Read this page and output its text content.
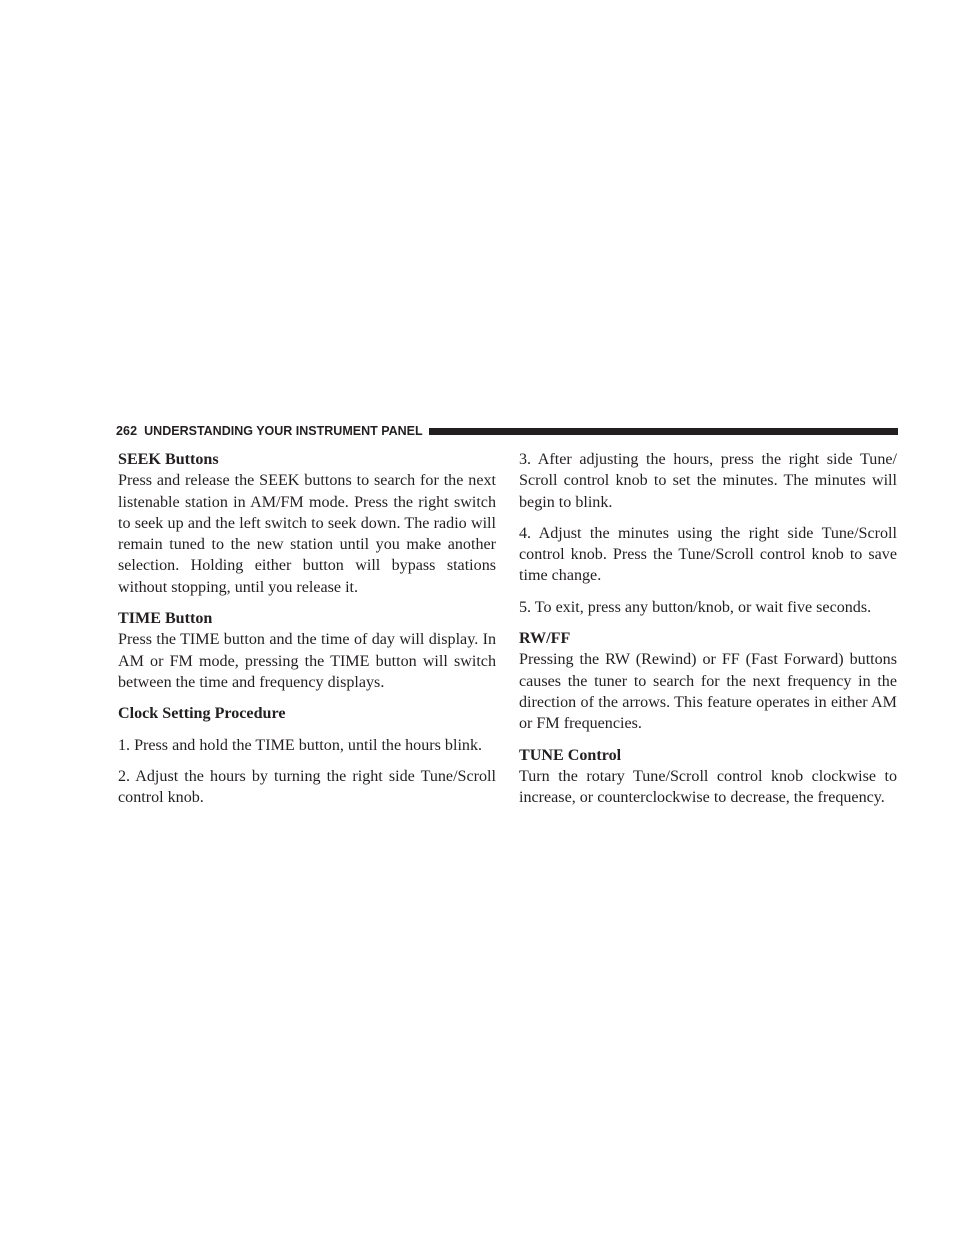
262 UNDERSTANDING YOUR INSTRUMENT PANEL

SEEK Buttons

Press and release the SEEK buttons to search for the next listenable station in AM/FM mode. Press the right switch to seek up and the left switch to seek down. The radio will remain tuned to the new station until you make another selection. Holding either button will bypass stations without stopping, until you release it.

TIME Button

Press the TIME button and the time of day will display. In AM or FM mode, pressing the TIME button will switch between the time and frequency displays.

Clock Setting Procedure

1. Press and hold the TIME button, until the hours blink.

2. Adjust the hours by turning the right side Tune/Scroll control knob.

3. After adjusting the hours, press the right side Tune/ Scroll control knob to set the minutes. The minutes will begin to blink.

4. Adjust the minutes using the right side Tune/Scroll control knob. Press the Tune/Scroll control knob to save time change.

5. To exit, press any button/knob, or wait five seconds.

RW/FF

Pressing the RW (Rewind) or FF (Fast Forward) buttons causes the tuner to search for the next frequency in the direction of the arrows. This feature operates in either AM or FM frequencies.

TUNE Control

Turn the rotary Tune/Scroll control knob clockwise to increase, or counterclockwise to decrease, the frequency.
